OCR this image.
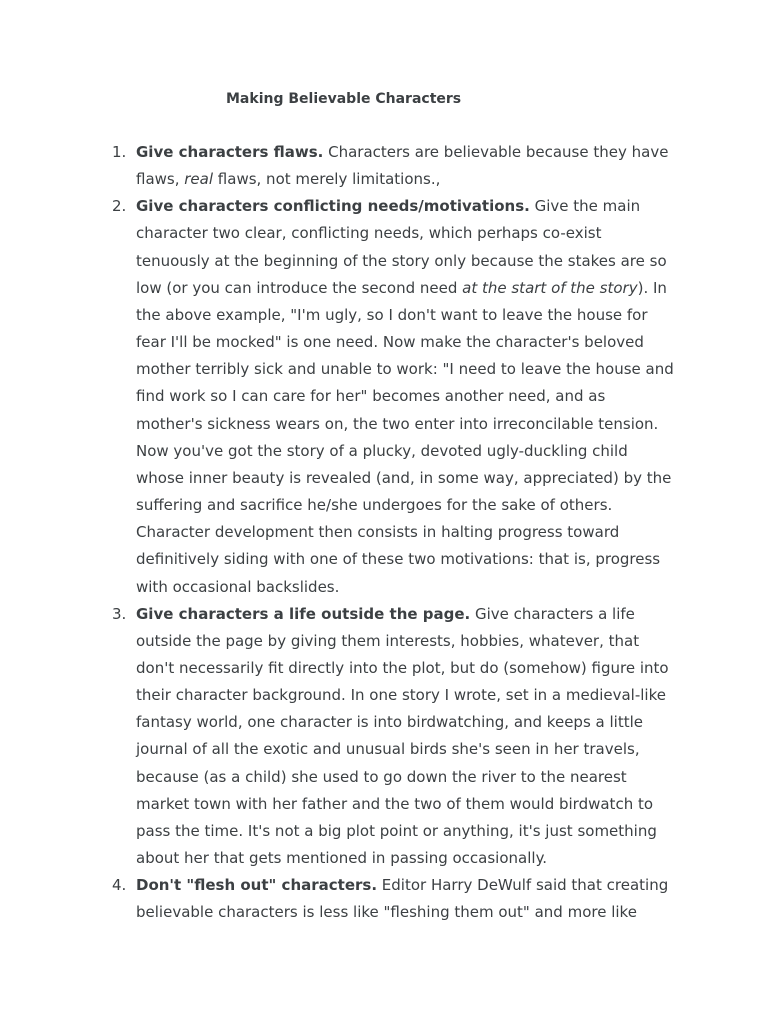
Making Believable Characters
1. Give characters flaws. Characters are believable because they have
flaws, real flaws, not merely limitations.,
2. Give characters conflicting needs/motivations. Give the main
character two clear, conflicting needs, which perhaps co-exist
tenuously at the beginning of the story only because the stakes are so
low (or you can introduce the second need at the start of the story). In
the above example, "I'm ugly, so I don't want to leave the house for
fear I'll be mocked" is one need. Now make the character's beloved
mother terribly sick and unable to work: "I need to leave the house and
find work so I can care for her" becomes another need, and as
mother's sickness wears on, the two enter into irreconcilable tension.
Now you've got the story of a plucky, devoted ugly-duckling child
whose inner beauty is revealed (and, in some way, appreciated) by the
suffering and sacrifice he/she undergoes for the sake of others.
Character development then consists in halting progress toward
definitively siding with one of these two motivations: that is, progress
with occasional backslides.
3. Give characters a life outside the page. Give characters a life
outside the page by giving them interests, hobbies, whatever, that
don't necessarily fit directly into the plot, but do (somehow) figure into
their character background. In one story I wrote, set in a medieval-like
fantasy world, one character is into birdwatching, and keeps a little
journal of all the exotic and unusual birds she's seen in her travels,
because (as a child) she used to go down the river to the nearest
market town with her father and the two of them would birdwatch to
pass the time. It's not a big plot point or anything, it's just something
about her that gets mentioned in passing occasionally.
4. Don't "flesh out" characters. Editor Harry DeWulf said that creating
believable characters is less like "fleshing them out" and more like
